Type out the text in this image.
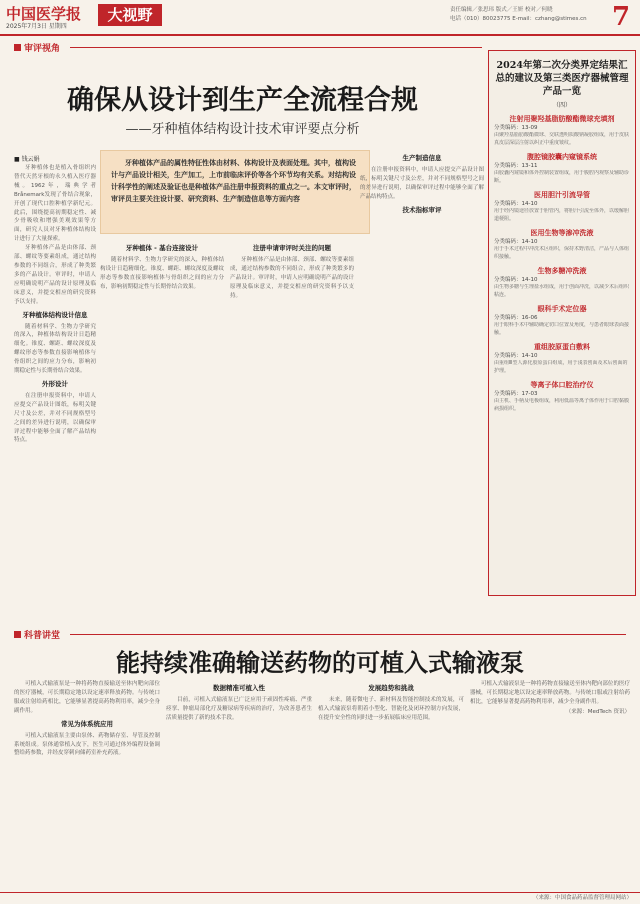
中国医学报
2025年7月3日 星期四
大视野	责任编辑／张思玮 版式／王妍 校对／何晓
电话（010）80023775 E-mail：czhang@stimes.cn 7
审评视角
确保从设计到生产全流程合规
——牙种植体结构设计技术审评要点分析
■ 钱云娟	牙种植体产品的属性特征性体由材料、体构设计及表面处理。其中，植构设计与产品设计相关，生产加工，上市前临床评价等各个环节均有关系。对结构设计科学性的阐述及验证也是种植体产品注册申报资料的重点之一。本文审评时，审评员主要关注设计要、研究资料、生产制造信息等方面内容

牙种植体也是植入骨组织内替代天然牙根的永久植入医疗器械。1962年，瑞典学者Brånemark发现了骨结合现象，开创了现代口腔种植学新纪元。此后，围绕提高初期稳定性、减少骨吸收和增强美观效果等方面，研究人员对牙种植体结构设计进行了大量探索。

牙种植体产品是由体部、颈部、螺纹等要素组成，通过结构参数的不同组合，形成了种类繁多的产品设计。审评时，申请人应明确说明产品的设计原理及临床意义，并提交相应的研究资料予以支持。

牙种植体结构设计信息

随着材料学、生物力学研究的深入，种植体结构设计日趋精细化。锥度、螺距、螺纹深度及螺纹形态等参数直接影响植体与骨组织之间的应力分布，影响初期稳定性与长期骨结合效果。

外形设计

在注册申报资料中，申请人应提交产品设计图纸，标明关键尺寸及公差，并对不同规格型号之间的差异进行说明，以确保审评过程中能够全面了解产品结构特点。

牙种植体 - 基台连接设计

随着材料学、生物力学研究的深入，种植体结构设计日趋精细化。锥度、螺距、螺纹深度及螺纹形态等参数直接影响植体与骨组织之间的应力分布，影响初期稳定性与长期骨结合效果。

注册申请审评时关注的问题

牙种植体产品是由体部、颈部、螺纹等要素组成，通过结构参数的不同组合，形成了种类繁多的产品设计。审评时，申请人应明确说明产品的设计原理及临床意义，并提交相应的研究资料予以支持。

生产制造信息

在注册申报资料中，申请人应提交产品设计图纸，标明关键尺寸及公差，并对不同规格型号之间的差异进行说明，以确保审评过程中能够全面了解产品结构特点。

技术指标审评
2024年第二次分类界定结果汇总的建议及第三类医疗器械管理产品一览
（四）
注射用聚羟基脂肪酸酯微球充填剂
分类编码：13-09
由聚羟基脂肪酸酯微球、交联透明质酸钠凝胶组成，用于皮肤真皮层深层注射以纠正中重度皱纹。
腹腔镜胶囊内窥镜系统
分类编码：13-11
由胶囊内窥镜和体外控制装置组成，用于腹腔内观察及辅助诊断。
医用胆汁引流导管
分类编码：14-10
用于经内镜途径放置于胆管内，将胆汁引流至体外，以缓解胆道梗阻。
医用生物等渗冲洗液
分类编码：14-10
用于手术过程中冲洗术区组织，保持术野清洁，产品与人体组织接触。
生物多糖冲洗液
分类编码：14-10
由生物多糖与生理盐水组成，用于创面冲洗，以减少术后组织粘连。
眼科手术定位器
分类编码：16-06
用于眼科手术中辅助确定切口位置及角度，与患者眼球表面接触。
重组胶原蛋白敷料
分类编码：14-10
由重组Ⅲ型人源化胶原蛋白组成，用于浅表创面及术后创面的护理。
等离子体口腔治疗仪
分类编码：17-03
由主机、手柄及电极组成，利用低温等离子体作用于口腔黏膜病损组织。
科普讲堂
能持续准确输送药物的可植入式输液泵

可植入式输液泵是一种将药物直接输送至体内靶向部位的医疗器械，可长期稳定地以设定速率释放药物。与传统口服或注射给药相比，它能够显著提高药物利用率，减少全身副作用。

常见为体系统应用

可植入式输液泵主要由泵体、药物储存室、导管及控制系统组成。泵体通常植入皮下，医生可通过体外编程设备调整给药参数，并经皮穿刺向储药室补充药液。

数据精准可植入性

目前，可植入式输液泵已广泛应用于顽固性疼痛、严重痉挛、肿瘤局部化疗及糖尿病等疾病的治疗，为改善患者生活质量提供了新的技术手段。

发展趋势和挑战

未来，随着微电子、新材料及智能控制技术的发展，可植入式输液泵将朝着小型化、智能化及闭环控制方向发展，在提升安全性的同时进一步拓展临床应用范围。

可植入式输液泵是一种将药物直接输送至体内靶向部位的医疗器械，可长期稳定地以设定速率释放药物。与传统口服或注射给药相比，它能够显著提高药物利用率，减少全身副作用。

（来源：MedTech 资讯）
（来源：中国食品药品监督管理局网站）
